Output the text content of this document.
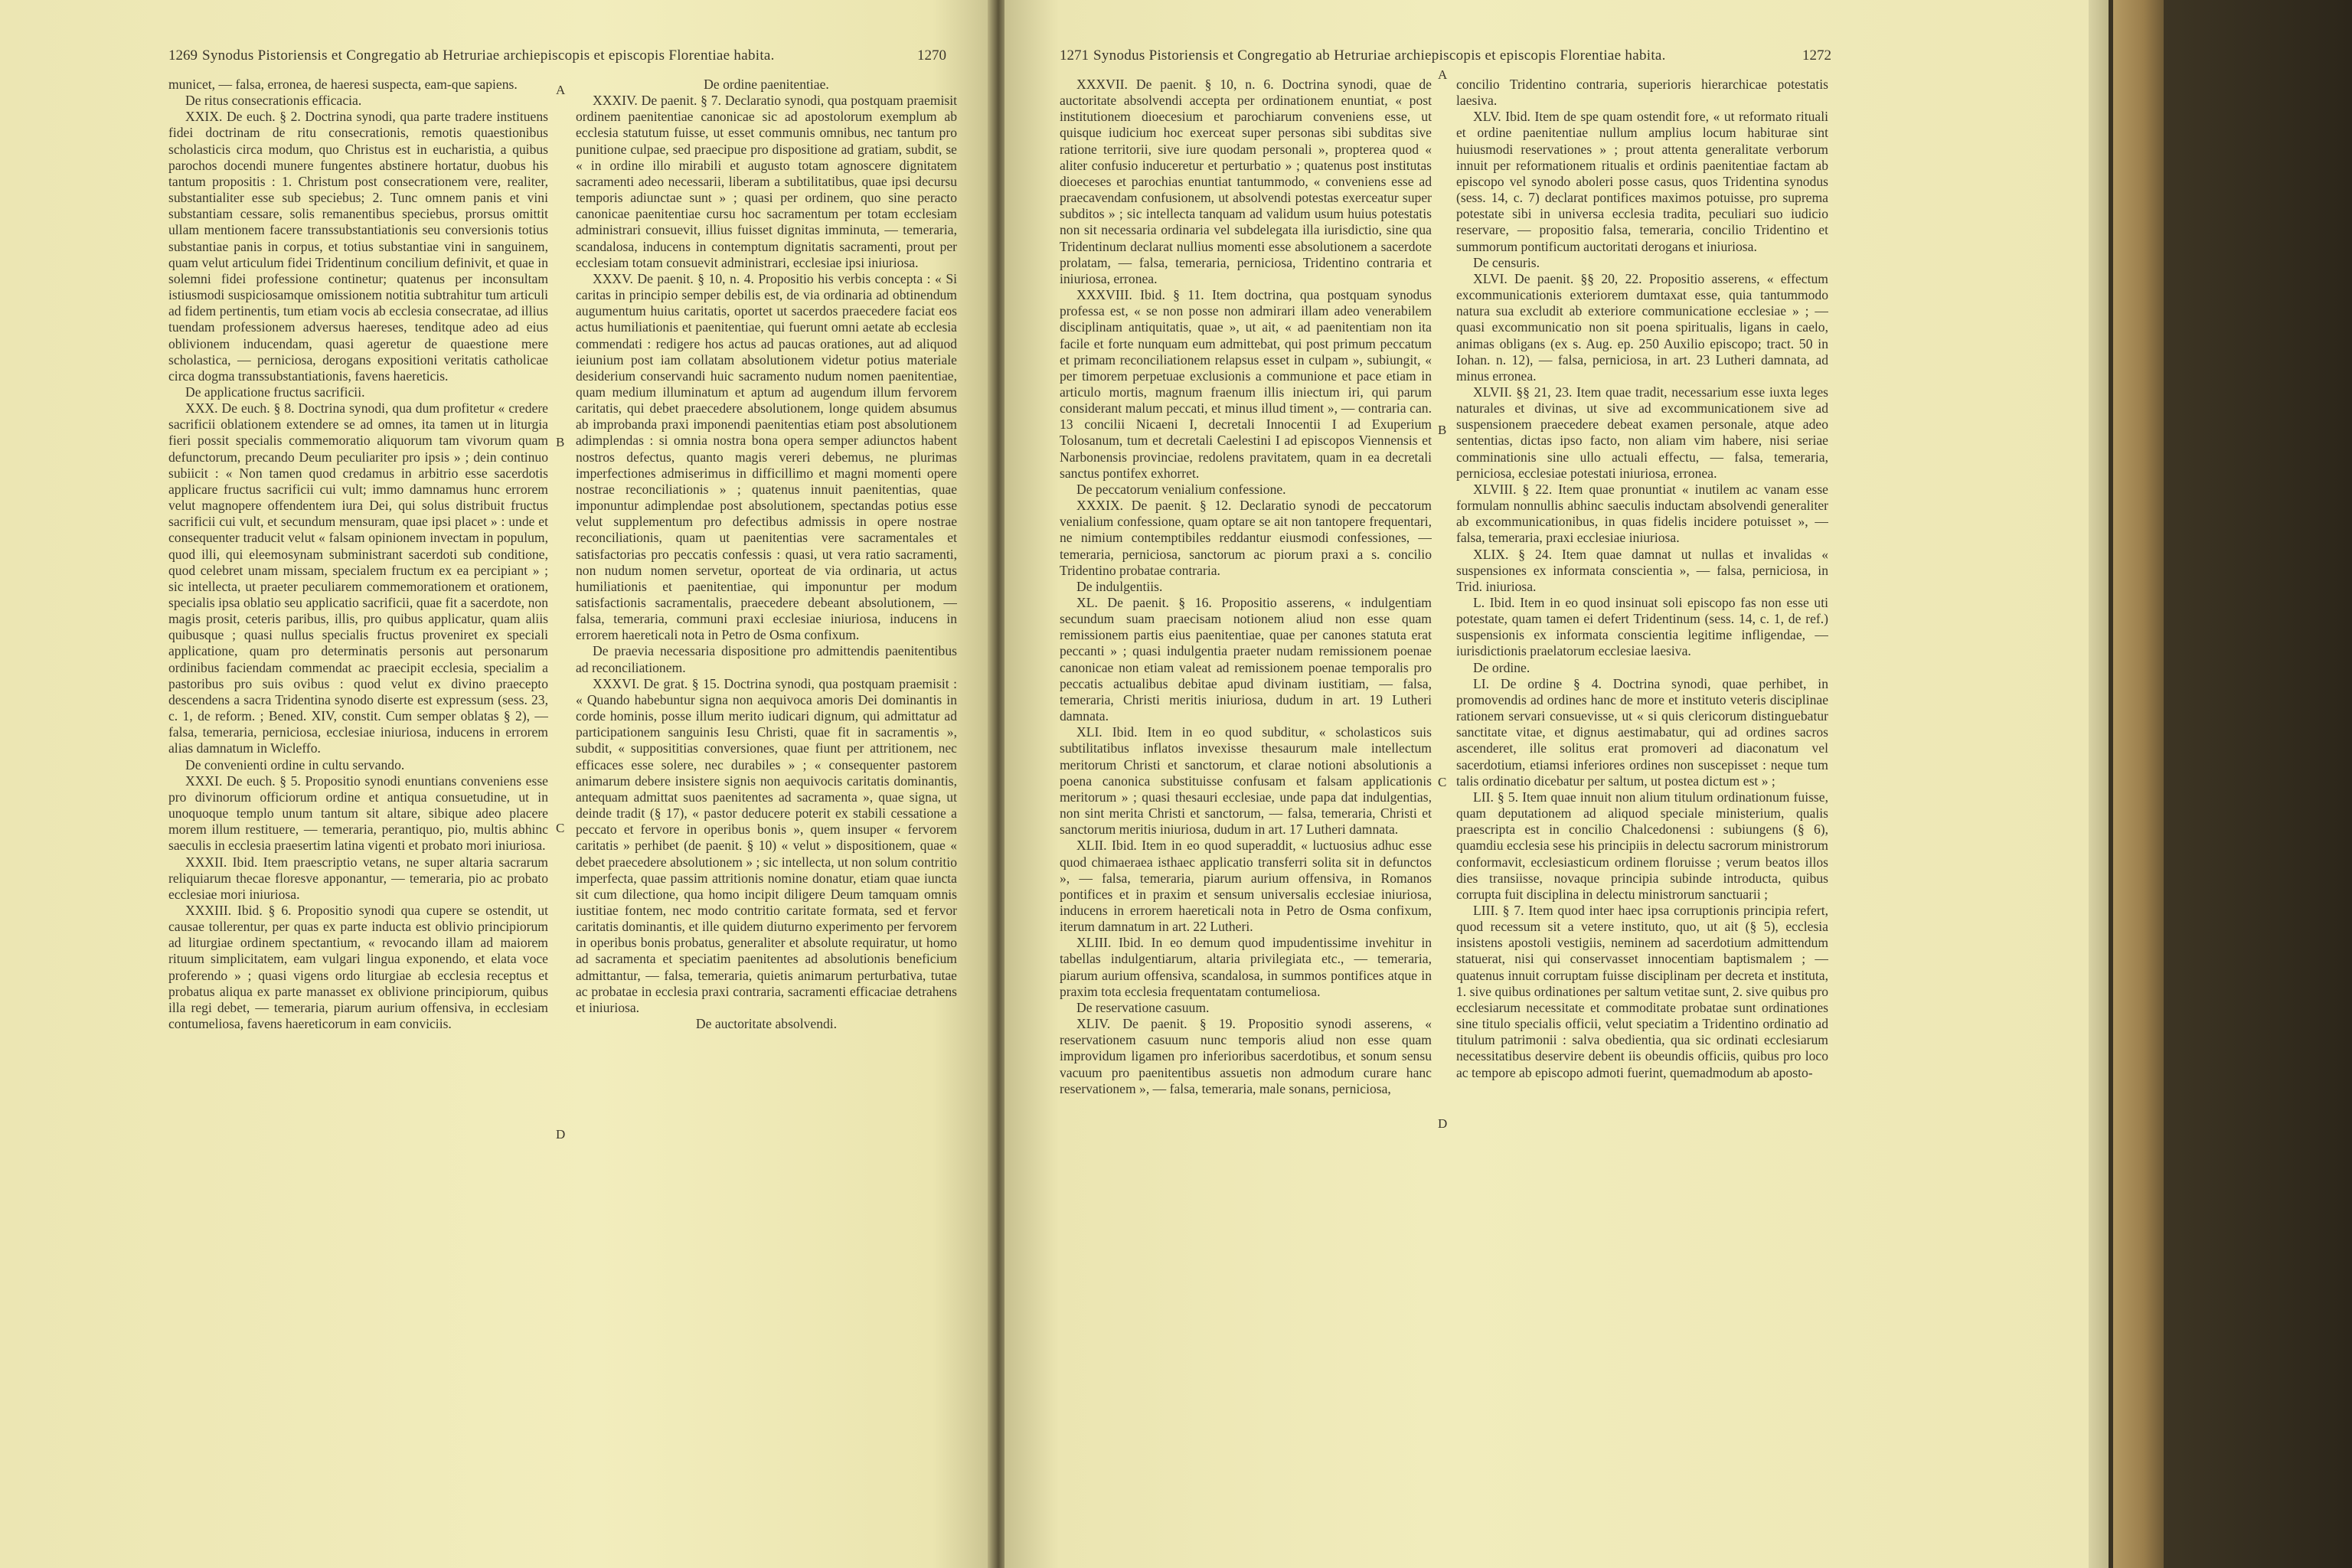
1269 Synodus Pistoriensis et Congregatio ab Hetruriae archiepiscopis et episcopis Florentiae habita.	1270

municet, — falsa, erronea, de haeresi suspecta, eam-que sapiens.

De ritus consecrationis efficacia.

XXIX. De euch. § 2. Doctrina synodi, qua parte tradere instituens fidei doctrinam de ritu consecrationis, remotis quaestionibus scholasticis circa modum, quo Christus est in eucharistia, a quibus parochos docendi munere fungentes abstinere hortatur, duobus his tantum propositis : 1. Christum post consecrationem vere, realiter, substantialiter esse sub speciebus; 2. Tunc omnem panis et vini substantiam cessare, solis remanentibus speciebus, prorsus omittit ullam mentionem facere transsubstantiationis seu conversionis totius substantiae panis in corpus, et totius substantiae vini in sanguinem, quam velut articulum fidei Tridentinum concilium definivit, et quae in solemni fidei professione continetur; quatenus per inconsultam istiusmodi suspiciosamque omissionem notitia subtrahitur tum articuli ad fidem pertinentis, tum etiam vocis ab ecclesia consecratae, ad illius tuendam professionem adversus haereses, tenditque adeo ad eius oblivionem inducendam, quasi ageretur de quaestione mere scholastica, — perniciosa, derogans expositioni veritatis catholicae circa dogma transsubstantiationis, favens haereticis.

De applicatione fructus sacrificii.

XXX. De euch. § 8. Doctrina synodi, qua dum profitetur « credere sacrificii oblationem extendere se ad omnes, ita tamen ut in liturgia fieri possit specialis commemoratio aliquorum tam vivorum quam defunctorum, precando Deum peculiariter pro ipsis » ; dein continuo subiicit : « Non tamen quod credamus in arbitrio esse sacerdotis applicare fructus sacrificii cui vult; immo damnamus hunc errorem velut magnopere offendentem iura Dei, qui solus distribuit fructus sacrificii cui vult, et secundum mensuram, quae ipsi placet » : unde et consequenter traducit velut « falsam opinionem invectam in populum, quod illi, qui eleemosynam subministrant sacerdoti sub conditione, quod celebret unam missam, specialem fructum ex ea percipiant » ; sic intellecta, ut praeter peculiarem commemorationem et orationem, specialis ipsa oblatio seu applicatio sacrificii, quae fit a sacerdote, non magis prosit, ceteris paribus, illis, pro quibus applicatur, quam aliis quibusque ; quasi nullus specialis fructus proveniret ex speciali applicatione, quam pro determinatis personis aut personarum ordinibus faciendam commendat ac praecipit ecclesia, specialim a pastoribus pro suis ovibus : quod velut ex divino praecepto descendens a sacra Tridentina synodo diserte est expressum (sess. 23, c. 1, de reform. ; Bened. XIV, constit. Cum semper oblatas § 2), — falsa, temeraria, perniciosa, ecclesiae iniuriosa, inducens in errorem alias damnatum in Wicleffo.

De convenienti ordine in cultu servando.

XXXI. De euch. § 5. Propositio synodi enuntians conveniens esse pro divinorum officiorum ordine et antiqua consuetudine, ut in unoquoque templo unum tantum sit altare, sibique adeo placere morem illum restituere, — temeraria, perantiquo, pio, multis abhinc saeculis in ecclesia praesertim latina vigenti et probato mori iniuriosa.

XXXII. Ibid. Item praescriptio vetans, ne super altaria sacrarum reliquiarum thecae floresve apponantur, — temeraria, pio ac probato ecclesiae mori iniuriosa.

XXXIII. Ibid. § 6. Propositio synodi qua cupere se ostendit, ut causae tollerentur, per quas ex parte inducta est oblivio principiorum ad liturgiae ordinem spectantium, « revocando illam ad maiorem rituum simplicitatem, eam vulgari lingua exponendo, et elata voce proferendo » ; quasi vigens ordo liturgiae ab ecclesia receptus et probatus aliqua ex parte manasset ex oblivione principiorum, quibus illa regi debet, — temeraria, piarum aurium offensiva, in ecclesiam contumeliosa, favens haereticorum in eam conviciis.

A
B
C
D

De ordine paenitentiae.

XXXIV. De paenit. § 7. Declaratio synodi, qua postquam praemisit ordinem paenitentiae canonicae sic ad apostolorum exemplum ab ecclesia statutum fuisse, ut esset communis omnibus, nec tantum pro punitione culpae, sed praecipue pro dispositione ad gratiam, subdit, se « in ordine illo mirabili et augusto totam agnoscere dignitatem sacramenti adeo necessarii, liberam a subtilitatibus, quae ipsi decursu temporis adiunctae sunt » ; quasi per ordinem, quo sine peracto canonicae paenitentiae cursu hoc sacramentum per totam ecclesiam administrari consuevit, illius fuisset dignitas imminuta, — temeraria, scandalosa, inducens in contemptum dignitatis sacramenti, prout per ecclesiam totam consuevit administrari, ecclesiae ipsi iniuriosa.

XXXV. De paenit. § 10, n. 4. Propositio his verbis concepta : « Si caritas in principio semper debilis est, de via ordinaria ad obtinendum augumentum huius caritatis, oportet ut sacerdos praecedere faciat eos actus humiliationis et paenitentiae, qui fuerunt omni aetate ab ecclesia commendati : redigere hos actus ad paucas orationes, aut ad aliquod ieiunium post iam collatam absolutionem videtur potius materiale desiderium conservandi huic sacramento nudum nomen paenitentiae, quam medium illuminatum et aptum ad augendum illum fervorem caritatis, qui debet praecedere absolutionem, longe quidem absumus ab improbanda praxi imponendi paenitentias etiam post absolutionem adimplendas : si omnia nostra bona opera semper adiunctos habent nostros defectus, quanto magis vereri debemus, ne plurimas imperfectiones admiserimus in difficillimo et magni momenti opere nostrae reconciliationis » ; quatenus innuit paenitentias, quae imponuntur adimplendae post absolutionem, spectandas potius esse velut supplementum pro defectibus admissis in opere nostrae reconciliationis, quam ut paenitentias vere sacramentales et satisfactorias pro peccatis confessis : quasi, ut vera ratio sacramenti, non nudum nomen servetur, oporteat de via ordinaria, ut actus humiliationis et paenitentiae, qui imponuntur per modum satisfactionis sacramentalis, praecedere debeant absolutionem, — falsa, temeraria, communi praxi ecclesiae iniuriosa, inducens in errorem haereticali nota in Petro de Osma confixum.

De praevia necessaria dispositione pro admittendis paenitentibus ad reconciliationem.

XXXVI. De grat. § 15. Doctrina synodi, qua postquam praemisit : « Quando habebuntur signa non aequivoca amoris Dei dominantis in corde hominis, posse illum merito iudicari dignum, qui admittatur ad participationem sanguinis Iesu Christi, quae fit in sacramentis », subdit, « supposititias conversiones, quae fiunt per attritionem, nec efficaces esse solere, nec durabiles » ; « consequenter pastorem animarum debere insistere signis non aequivocis caritatis dominantis, antequam admittat suos paenitentes ad sacramenta », quae signa, ut deinde tradit (§ 17), « pastor deducere poterit ex stabili cessatione a peccato et fervore in operibus bonis », quem insuper « fervorem caritatis » perhibet (de paenit. § 10) « velut » dispositionem, quae « debet praecedere absolutionem » ; sic intellecta, ut non solum contritio imperfecta, quae passim attritionis nomine donatur, etiam quae iuncta sit cum dilectione, qua homo incipit diligere Deum tamquam omnis iustitiae fontem, nec modo contritio caritate formata, sed et fervor caritatis dominantis, et ille quidem diuturno experimento per fervorem in operibus bonis probatus, generaliter et absolute requiratur, ut homo ad sacramenta et speciatim paenitentes ad absolutionis beneficium admittantur, — falsa, temeraria, quietis animarum perturbativa, tutae ac probatae in ecclesia praxi contraria, sacramenti efficaciae detrahens et iniuriosa.

De auctoritate absolvendi.

1271 Synodus Pistoriensis et Congregatio ab Hetruriae archiepiscopis et episcopis Florentiae habita.	1272

XXXVII. De paenit. § 10, n. 6. Doctrina synodi, quae de auctoritate absolvendi accepta per ordinationem enuntiat, « post institutionem dioecesium et parochiarum conveniens esse, ut quisque iudicium hoc exerceat super personas sibi subditas sive ratione territorii, sive iure quodam personali », propterea quod « aliter confusio induceretur et perturbatio » ; quatenus post institutas dioeceses et parochias enuntiat tantummodo, « conveniens esse ad praecavendam confusionem, ut absolvendi potestas exerceatur super subditos » ; sic intellecta tanquam ad validum usum huius potestatis non sit necessaria ordinaria vel subdelegata illa iurisdictio, sine qua Tridentinum declarat nullius momenti esse absolutionem a sacerdote prolatam, — falsa, temeraria, perniciosa, Tridentino contraria et iniuriosa, erronea.

XXXVIII. Ibid. § 11. Item doctrina, qua postquam synodus professa est, « se non posse non admirari illam adeo venerabilem disciplinam antiquitatis, quae », ut ait, « ad paenitentiam non ita facile et forte nunquam eum admittebat, qui post primum peccatum et primam reconciliationem relapsus esset in culpam », subiungit, « per timorem perpetuae exclusionis a communione et pace etiam in articulo mortis, magnum fraenum illis iniectum iri, qui parum considerant malum peccati, et minus illud timent », — contraria can. 13 concilii Nicaeni I, decretali Innocentii I ad Exuperium Tolosanum, tum et decretali Caelestini I ad episcopos Viennensis et Narbonensis provinciae, redolens pravitatem, quam in ea decretali sanctus pontifex exhorret.

De peccatorum venialium confessione.

XXXIX. De paenit. § 12. Declaratio synodi de peccatorum venialium confessione, quam optare se ait non tantopere frequentari, ne nimium contemptibiles reddantur eiusmodi confessiones, — temeraria, perniciosa, sanctorum ac piorum praxi a s. concilio Tridentino probatae contraria.

De indulgentiis.

XL. De paenit. § 16. Propositio asserens, « indulgentiam secundum suam praecisam notionem aliud non esse quam remissionem partis eius paenitentiae, quae per canones statuta erat peccanti » ; quasi indulgentia praeter nudam remissionem poenae canonicae non etiam valeat ad remissionem poenae temporalis pro peccatis actualibus debitae apud divinam iustitiam, — falsa, temeraria, Christi meritis iniuriosa, dudum in art. 19 Lutheri damnata.

XLI. Ibid. Item in eo quod subditur, « scholasticos suis subtilitatibus inflatos invexisse thesaurum male intellectum meritorum Christi et sanctorum, et clarae notioni absolutionis a poena canonica substituisse confusam et falsam applicationis meritorum » ; quasi thesauri ecclesiae, unde papa dat indulgentias, non sint merita Christi et sanctorum, — falsa, temeraria, Christi et sanctorum meritis iniuriosa, dudum in art. 17 Lutheri damnata.

XLII. Ibid. Item in eo quod superaddit, « luctuosius adhuc esse quod chimaeraea isthaec applicatio transferri solita sit in defunctos », — falsa, temeraria, piarum aurium offensiva, in Romanos pontifices et in praxim et sensum universalis ecclesiae iniuriosa, inducens in errorem haereticali nota in Petro de Osma confixum, iterum damnatum in art. 22 Lutheri.

XLIII. Ibid. In eo demum quod impudentissime invehitur in tabellas indulgentiarum, altaria privilegiata etc., — temeraria, piarum aurium offensiva, scandalosa, in summos pontifices atque in praxim tota ecclesia frequentatam contumeliosa.

De reservatione casuum.

XLIV. De paenit. § 19. Propositio synodi asserens, « reservationem casuum nunc temporis aliud non esse quam improvidum ligamen pro inferioribus sacerdotibus, et sonum sensu vacuum pro paenitentibus assuetis non admodum curare hanc reservationem », — falsa, temeraria, male sonans, perniciosa,

A
B
C
D

concilio Tridentino contraria, superioris hierarchicae potestatis laesiva.

XLV. Ibid. Item de spe quam ostendit fore, « ut reformato rituali et ordine paenitentiae nullum amplius locum habiturae sint huiusmodi reservationes » ; prout attenta generalitate verborum innuit per reformationem ritualis et ordinis paenitentiae factam ab episcopo vel synodo aboleri posse casus, quos Tridentina synodus (sess. 14, c. 7) declarat pontifices maximos potuisse, pro suprema potestate sibi in universa ecclesia tradita, peculiari suo iudicio reservare, — propositio falsa, temeraria, concilio Tridentino et summorum pontificum auctoritati derogans et iniuriosa.

De censuris.

XLVI. De paenit. §§ 20, 22. Propositio asserens, « effectum excommunicationis exteriorem dumtaxat esse, quia tantummodo natura sua excludit ab exteriore communicatione ecclesiae » ; — quasi excommunicatio non sit poena spiritualis, ligans in caelo, animas obligans (ex s. Aug. ep. 250 Auxilio episcopo; tract. 50 in Iohan. n. 12), — falsa, perniciosa, in art. 23 Lutheri damnata, ad minus erronea.

XLVII. §§ 21, 23. Item quae tradit, necessarium esse iuxta leges naturales et divinas, ut sive ad excommunicationem sive ad suspensionem praecedere debeat examen personale, atque adeo sententias, dictas ipso facto, non aliam vim habere, nisi seriae comminationis sine ullo actuali effectu, — falsa, temeraria, perniciosa, ecclesiae potestati iniuriosa, erronea.

XLVIII. § 22. Item quae pronuntiat « inutilem ac vanam esse formulam nonnullis abhinc saeculis inductam absolvendi generaliter ab excommunicationibus, in quas fidelis incidere potuisset », — falsa, temeraria, praxi ecclesiae iniuriosa.

XLIX. § 24. Item quae damnat ut nullas et invalidas « suspensiones ex informata conscientia », — falsa, perniciosa, in Trid. iniuriosa.

L. Ibid. Item in eo quod insinuat soli episcopo fas non esse uti potestate, quam tamen ei defert Tridentinum (sess. 14, c. 1, de ref.) suspensionis ex informata conscientia legitime infligendae, — iurisdictionis praelatorum ecclesiae laesiva.

De ordine.

LI. De ordine § 4. Doctrina synodi, quae perhibet, in promovendis ad ordines hanc de more et instituto veteris disciplinae rationem servari consuevisse, ut « si quis clericorum distinguebatur sanctitate vitae, et dignus aestimabatur, qui ad ordines sacros ascenderet, ille solitus erat promoveri ad diaconatum vel sacerdotium, etiamsi inferiores ordines non suscepisset : neque tum talis ordinatio dicebatur per saltum, ut postea dictum est » ;

LII. § 5. Item quae innuit non alium titulum ordinationum fuisse, quam deputationem ad aliquod speciale ministerium, qualis praescripta est in concilio Chalcedonensi : subiungens (§ 6), quamdiu ecclesia sese his principiis in delectu sacrorum ministrorum conformavit, ecclesiasticum ordinem floruisse ; verum beatos illos dies transiisse, novaque principia subinde introducta, quibus corrupta fuit disciplina in delectu ministrorum sanctuarii ;

LIII. § 7. Item quod inter haec ipsa corruptionis principia refert, quod recessum sit a vetere instituto, quo, ut ait (§ 5), ecclesia insistens apostoli vestigiis, neminem ad sacerdotium admittendum statuerat, nisi qui conservasset innocentiam baptismalem ; — quatenus innuit corruptam fuisse disciplinam per decreta et instituta, 1. sive quibus ordinationes per saltum vetitae sunt, 2. sive quibus pro ecclesiarum necessitate et commoditate probatae sunt ordinationes sine titulo specialis officii, velut speciatim a Tridentino ordinatio ad titulum patrimonii : salva obedientia, qua sic ordinati ecclesiarum necessitatibus deservire debent iis obeundis officiis, quibus pro loco ac tempore ab episcopo admoti fuerint, quemadmodum ab aposto-
